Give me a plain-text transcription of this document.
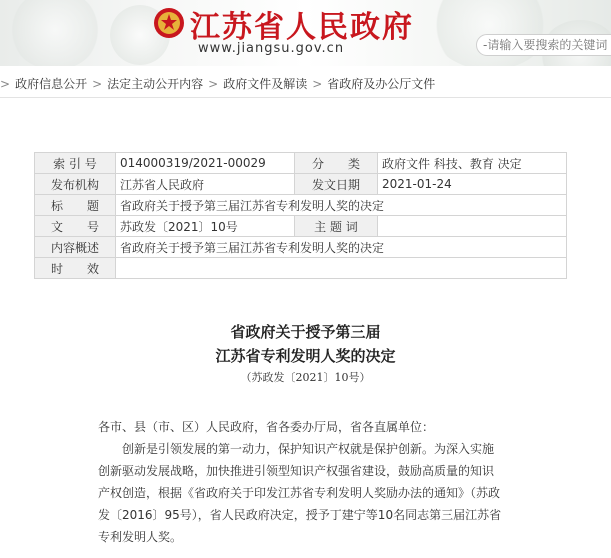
江苏省人民政府
www.jiangsu.gov.cn
-请输入要搜索的关键词
> 政府信息公开 > 法定主动公开内容 > 政府文件及解读 > 省政府及办公厅文件
索 引 号	014000319/2021-00029	分　　类	政府文件 科技、教育 决定
发布机构	江苏省人民政府	发文日期	2021-01-24
标　　题	省政府关于授予第三届江苏省专利发明人奖的决定		
文　　号	苏政发〔2021〕10号	主 题 词	
内容概述	省政府关于授予第三届江苏省专利发明人奖的决定		
时　　效			
省政府关于授予第三届
江苏省专利发明人奖的决定
（苏政发〔2021〕10号）

各市、县（市、区）人民政府，省各委办厅局，省各直属单位：

创新是引领发展的第一动力，保护知识产权就是保护创新。为深入实施创新驱动发展战略，加快推进引领型知识产权强省建设，鼓励高质量的知识产权创造，根据《省政府关于印发江苏省专利发明人奖励办法的通知》（苏政发〔2016〕95号），省人民政府决定，授予丁建宁等10名同志第三届江苏省专利发明人奖。
